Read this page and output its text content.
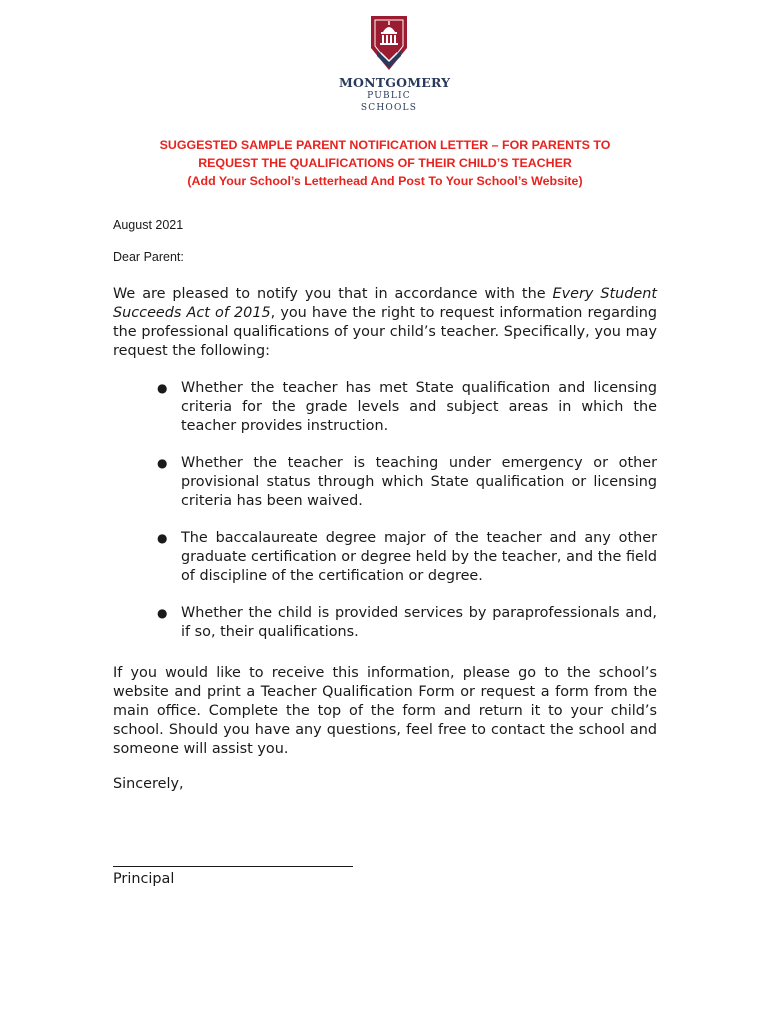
MONTGOMERY
PUBLIC SCHOOLS
SUGGESTED SAMPLE PARENT NOTIFICATION LETTER – FOR PARENTS TO
REQUEST THE QUALIFICATIONS OF THEIR CHILD’S TEACHER
(Add Your School’s Letterhead And Post To Your School’s Website)
August 2021
Dear Parent:
We are pleased to notify you that in accordance with the Every Student Succeeds Act of 2015, you have the right to request information regarding the professional qualifications of your child’s teacher. Specifically, you may request the following:
● Whether the teacher has met State qualification and licensing criteria for the grade levels and subject areas in which the teacher provides instruction.
● Whether the teacher is teaching under emergency or other provisional status through which State qualification or licensing criteria has been waived.
● The baccalaureate degree major of the teacher and any other graduate certification or degree held by the teacher, and the field of discipline of the certification or degree.
● Whether the child is provided services by paraprofessionals and, if so, their qualifications.
If you would like to receive this information, please go to the school’s website and print a Teacher Qualification Form or request a form from the main office. Complete the top of the form and return it to your child’s school. Should you have any questions, feel free to contact the school and someone will assist you.
Sincerely,
Principal
